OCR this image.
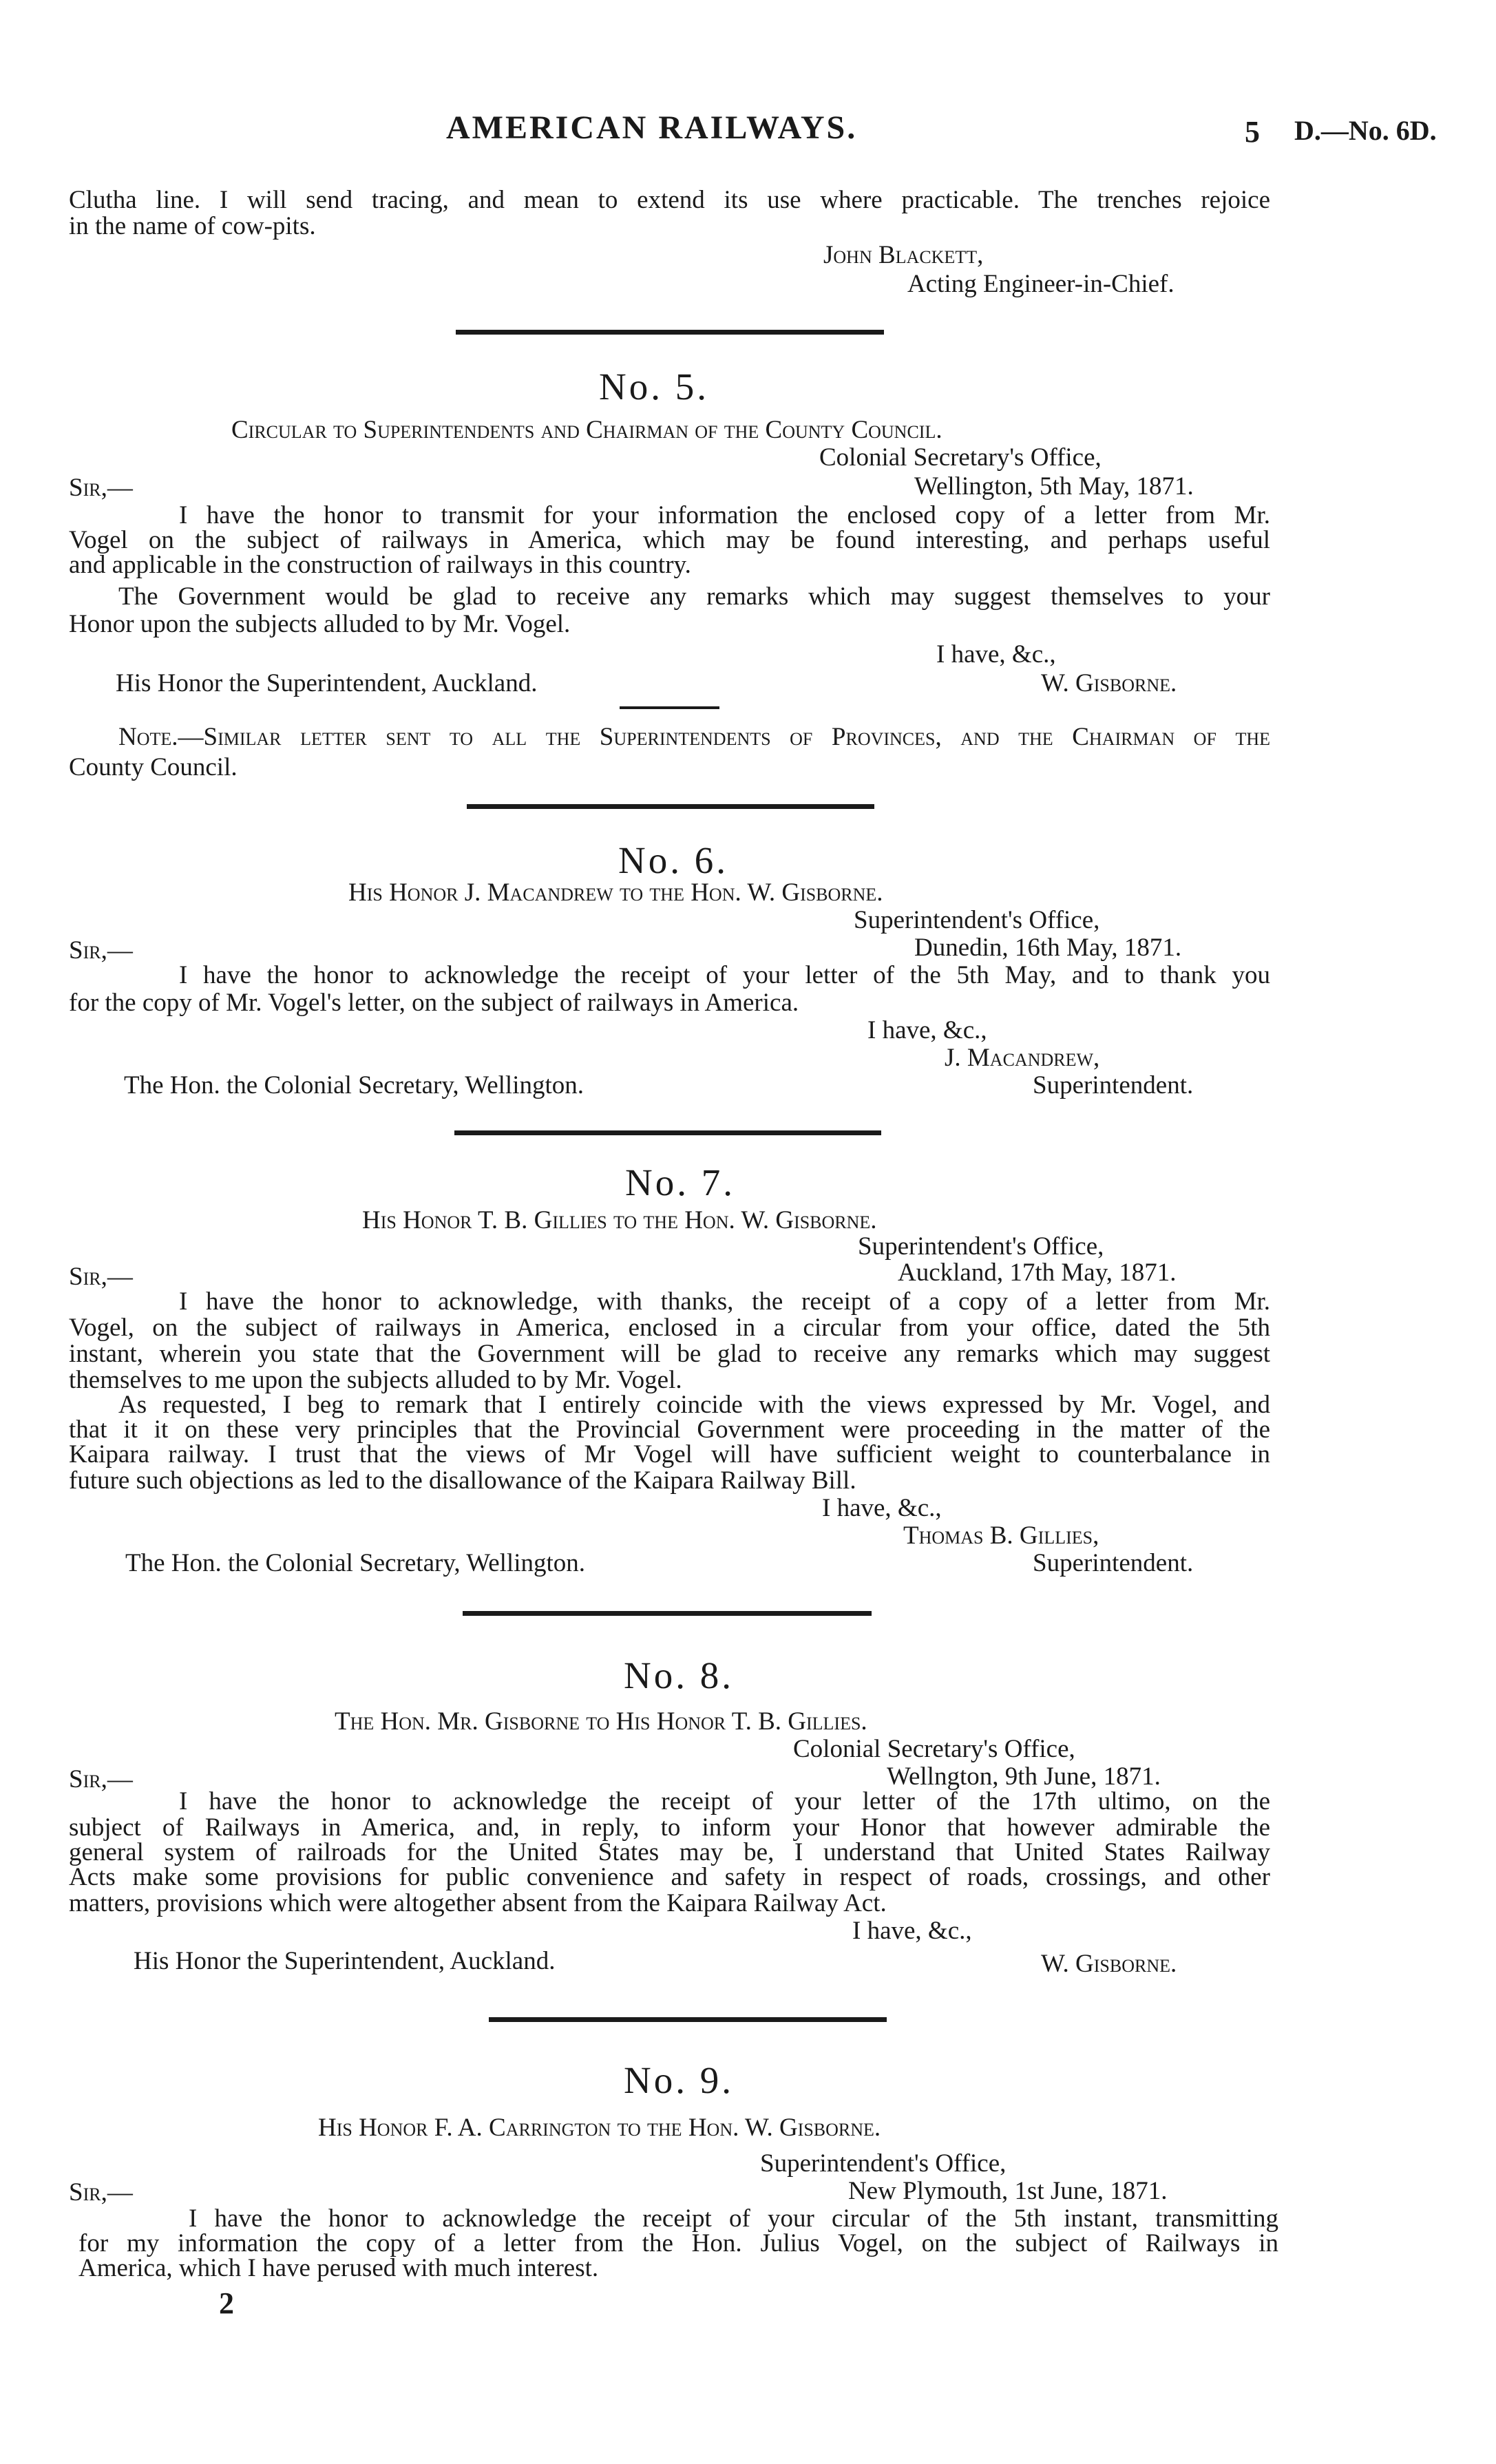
AMERICAN RAILWAYS.	5 D.—No. 6D.
Clutha line. I will send tracing, and mean to extend its use where practicable. The trenches rejoice
in the name of cow-pits.
John Blackett,
Acting Engineer-in-Chief.
No. 5.
Circular to Superintendents and Chairman of the County Council.
Colonial Secretary's Office,
Sir,—	Wellington, 5th May, 1871.
I have the honor to transmit for your information the enclosed copy of a letter from Mr.
Vogel on the subject of railways in America, which may be found interesting, and perhaps useful
and applicable in the construction of railways in this country.
The Government would be glad to receive any remarks which may suggest themselves to your
Honor upon the subjects alluded to by Mr. Vogel.
I have, &c.,
His Honor the Superintendent, Auckland.	W. Gisborne.
Note.—Similar letter sent to all the Superintendents of Provinces, and the Chairman of the
County Council.
No. 6.
His Honor J. Macandrew to the Hon. W. Gisborne.
Superintendent's Office,
Sir,—	Dunedin, 16th May, 1871.
I have the honor to acknowledge the receipt of your letter of the 5th May, and to thank you
for the copy of Mr. Vogel's letter, on the subject of railways in America.
I have, &c.,
J. Macandrew,
The Hon. the Colonial Secretary, Wellington.	Superintendent.
No. 7.
His Honor T. B. Gillies to the Hon. W. Gisborne.
Superintendent's Office,
Sir,—	Auckland, 17th May, 1871.
I have the honor to acknowledge, with thanks, the receipt of a copy of a letter from Mr.
Vogel, on the subject of railways in America, enclosed in a circular from your office, dated the 5th
instant, wherein you state that the Government will be glad to receive any remarks which may suggest
themselves to me upon the subjects alluded to by Mr. Vogel.
As requested, I beg to remark that I entirely coincide with the views expressed by Mr. Vogel, and
that it it on these very principles that the Provincial Government were proceeding in the matter of the
Kaipara railway. I trust that the views of Mr Vogel will have sufficient weight to counterbalance in
future such objections as led to the disallowance of the Kaipara Railway Bill.
I have, &c.,
Thomas B. Gillies,
The Hon. the Colonial Secretary, Wellington.	Superintendent.
No. 8.
The Hon. Mr. Gisborne to His Honor T. B. Gillies.
Colonial Secretary's Office,
Sir,—	Wellngton, 9th June, 1871.
I have the honor to acknowledge the receipt of your letter of the 17th ultimo, on the
subject of Railways in America, and, in reply, to inform your Honor that however admirable the
general system of railroads for the United States may be, I understand that United States Railway
Acts make some provisions for public convenience and safety in respect of roads, crossings, and other
matters, provisions which were altogether absent from the Kaipara Railway Act.
I have, &c.,
His Honor the Superintendent, Auckland.	W. Gisborne.
No. 9.
His Honor F. A. Carrington to the Hon. W. Gisborne.
Superintendent's Office,
Sir,—	New Plymouth, 1st June, 1871.
I have the honor to acknowledge the receipt of your circular of the 5th instant, transmitting
for my information the copy of a letter from the Hon. Julius Vogel, on the subject of Railways in
America, which I have perused with much interest.
2
